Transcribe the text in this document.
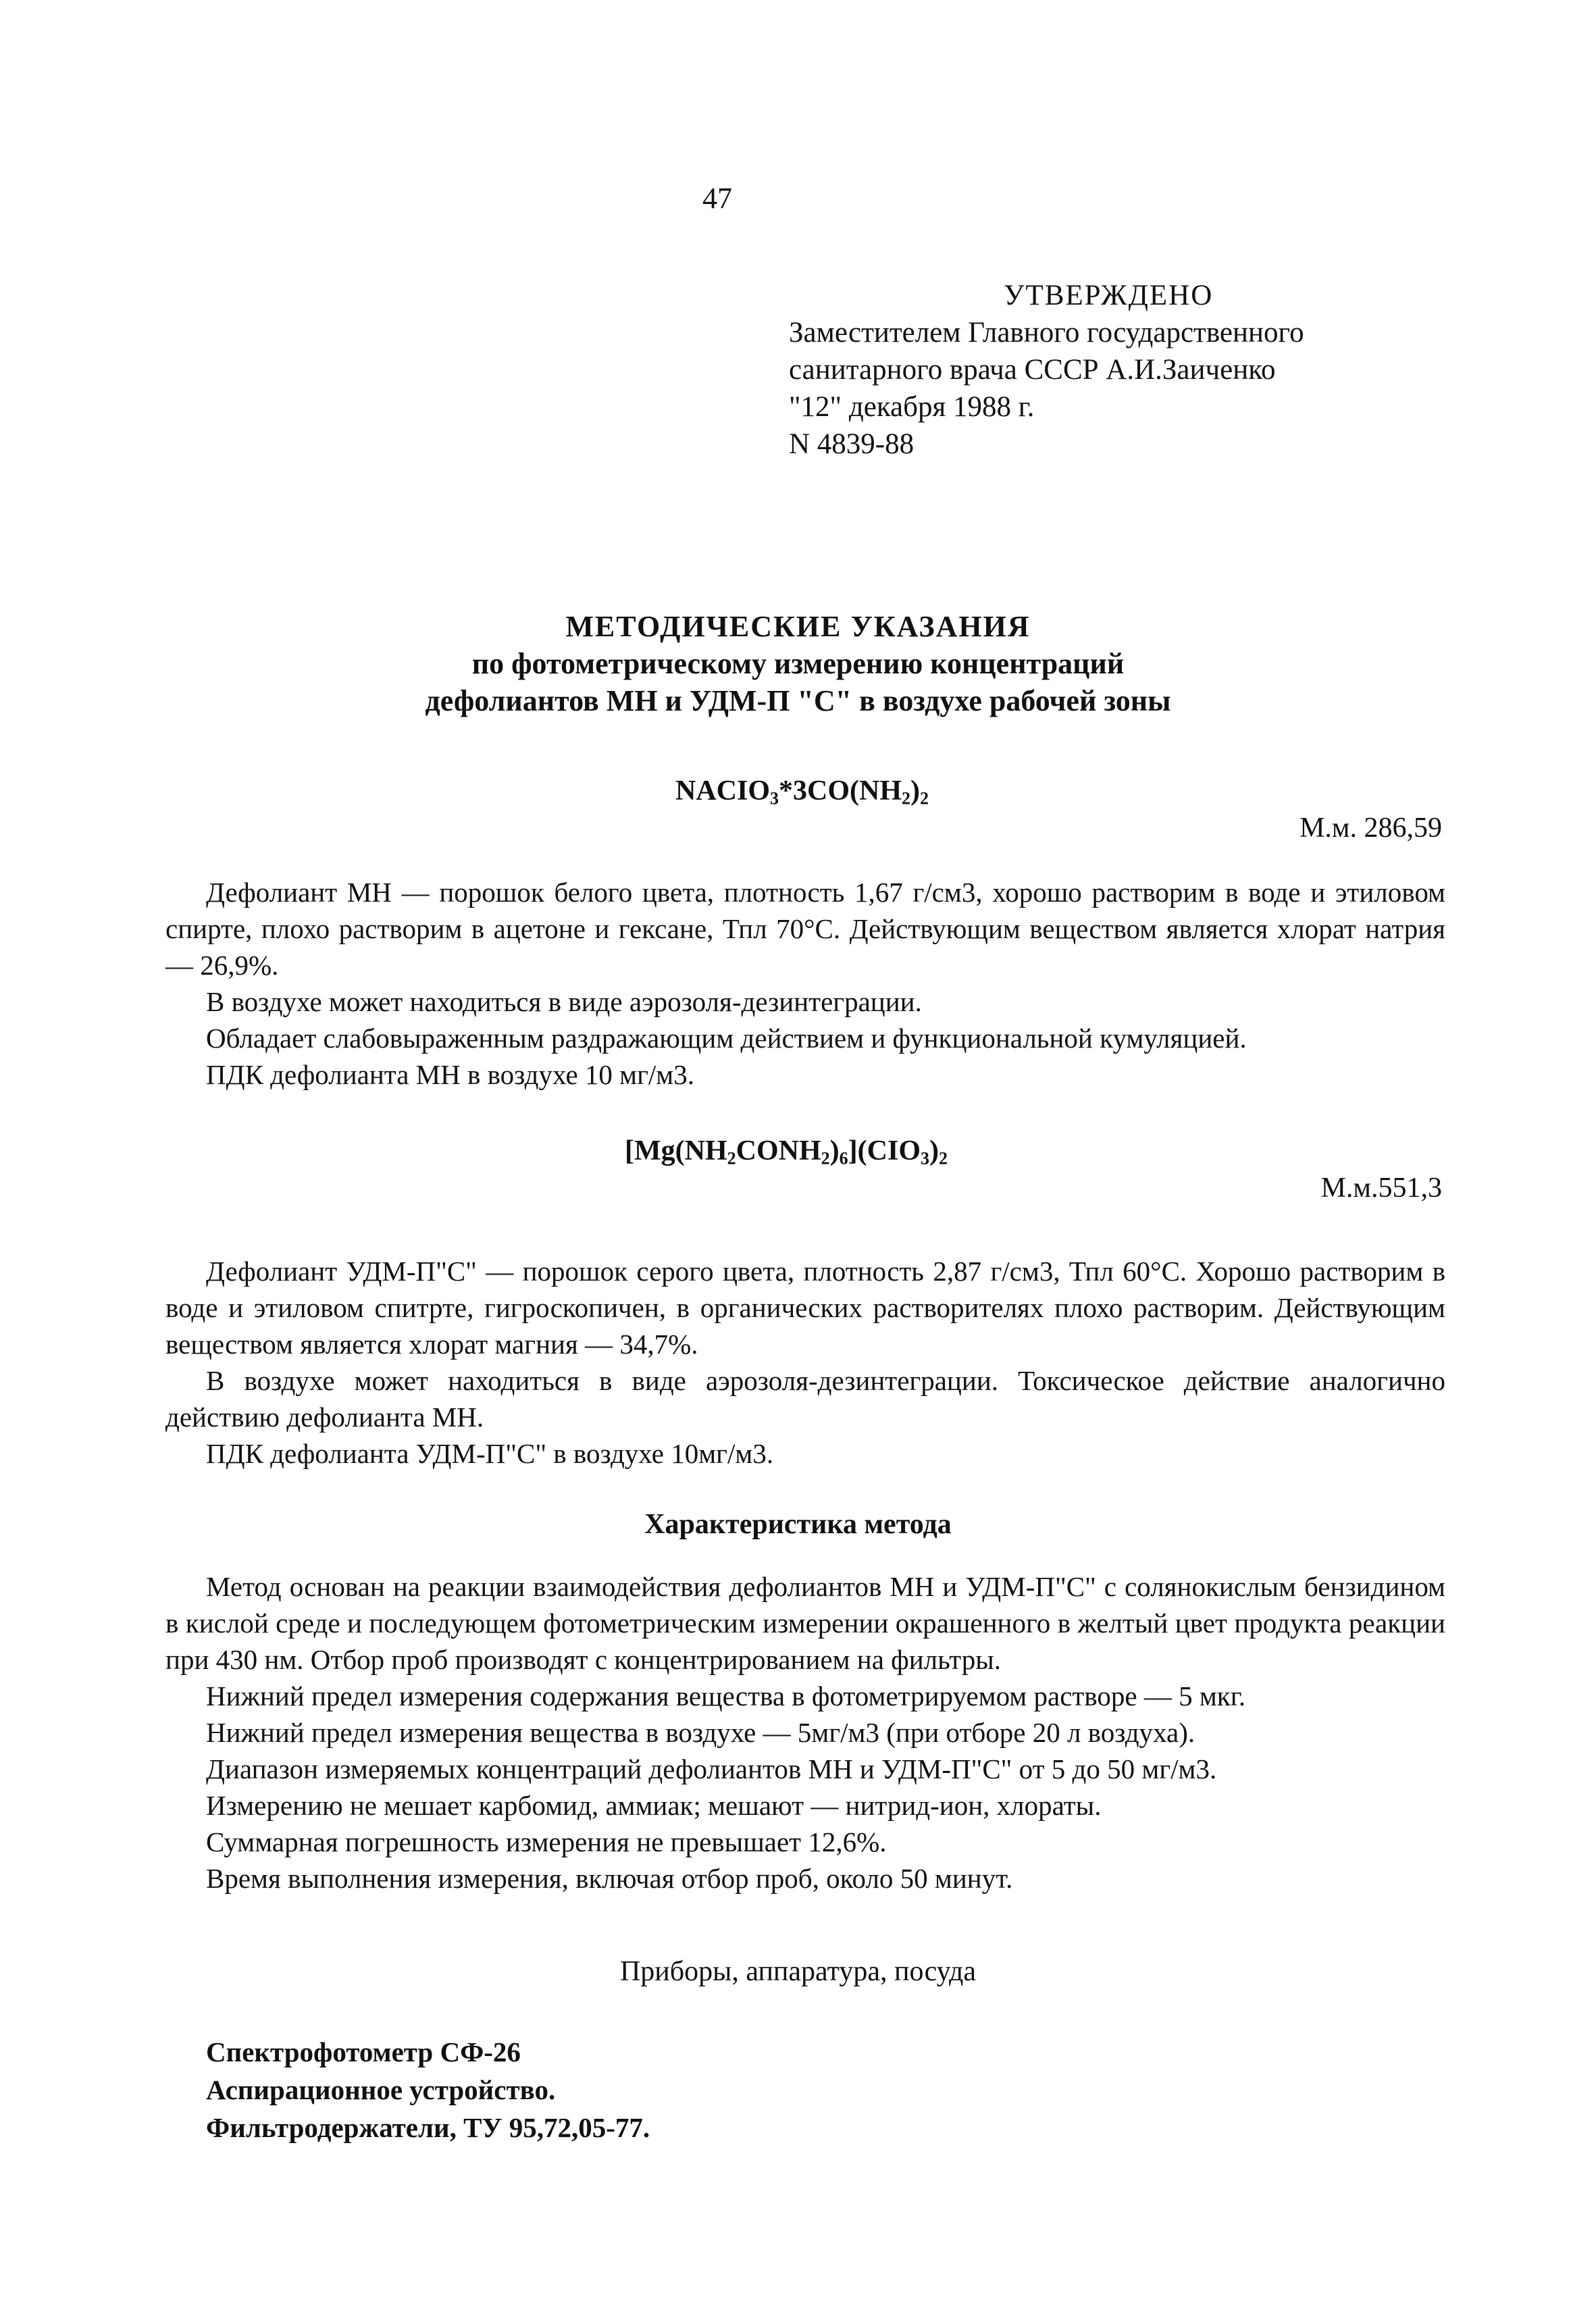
47
УТВЕРЖДЕНО
Заместителем Главного государственного
санитарного врача СССР А.И.Заиченко
"12" декабря 1988 г.
N 4839-88
МЕТОДИЧЕСКИЕ УКАЗАНИЯ
по фотометрическому измерению концентраций
дефолиантов МН и УДМ-П "С" в воздухе рабочей зоны
$NACIO_3*3CO(NH_2)_2$
М.м. 286,59

Дефолиант МН — порошок белого цвета, плотность 1,67 г/см3, хорошо растворим в воде и этиловом спирте, плохо растворим в ацетоне и гексане, Тпл 70°С. Действующим веществом является хлорат натрия — 26,9%.

В воздухе может находиться в виде аэрозоля-дезинтеграции.

Обладает слабовыраженным раздражающим действием и функциональной кумуляцией.

ПДК дефолианта МН в воздухе 10 мг/м3.

$[Mg(NH_2CONH_2)_6](CIO_3)_2$
М.м.551,3

Дефолиант УДМ-П"С" — порошок серого цвета, плотность 2,87 г/см3, Тпл 60°С. Хорошо растворим в воде и этиловом спитрте, гигроскопичен, в органических растворителях плохо растворим. Действующим веществом является хлорат магния — 34,7%.

В воздухе может находиться в виде аэрозоля-дезинтеграции. Токсическое действие аналогично действию дефолианта МН.

ПДК дефолианта УДМ-П"С" в воздухе 10мг/м3.

Характеристика метода

Метод основан на реакции взаимодействия дефолиантов МН и УДМ-П"С" с солянокислым бензидином в кислой среде и последующем фотометрическим измерении окрашенного в желтый цвет продукта реакции при 430 нм. Отбор проб производят с концентрированием на фильтры.

Нижний предел измерения содержания вещества в фотометрируемом растворе — 5 мкг.

Нижний предел измерения вещества в воздухе — 5мг/м3 (при отборе 20 л воздуха).

Диапазон измеряемых концентраций дефолиантов МН и УДМ-П"С" от 5 до 50 мг/м3.

Измерению не мешает карбомид, аммиак; мешают — нитрид-ион, хлораты.

Суммарная погрешность измерения не превышает 12,6%.

Время выполнения измерения, включая отбор проб, около 50 минут.

Приборы, аппаратура, посуда
Спектрофотометр СФ-26
Аспирационное устройство.
Фильтродержатели, ТУ 95,72,05-77.
